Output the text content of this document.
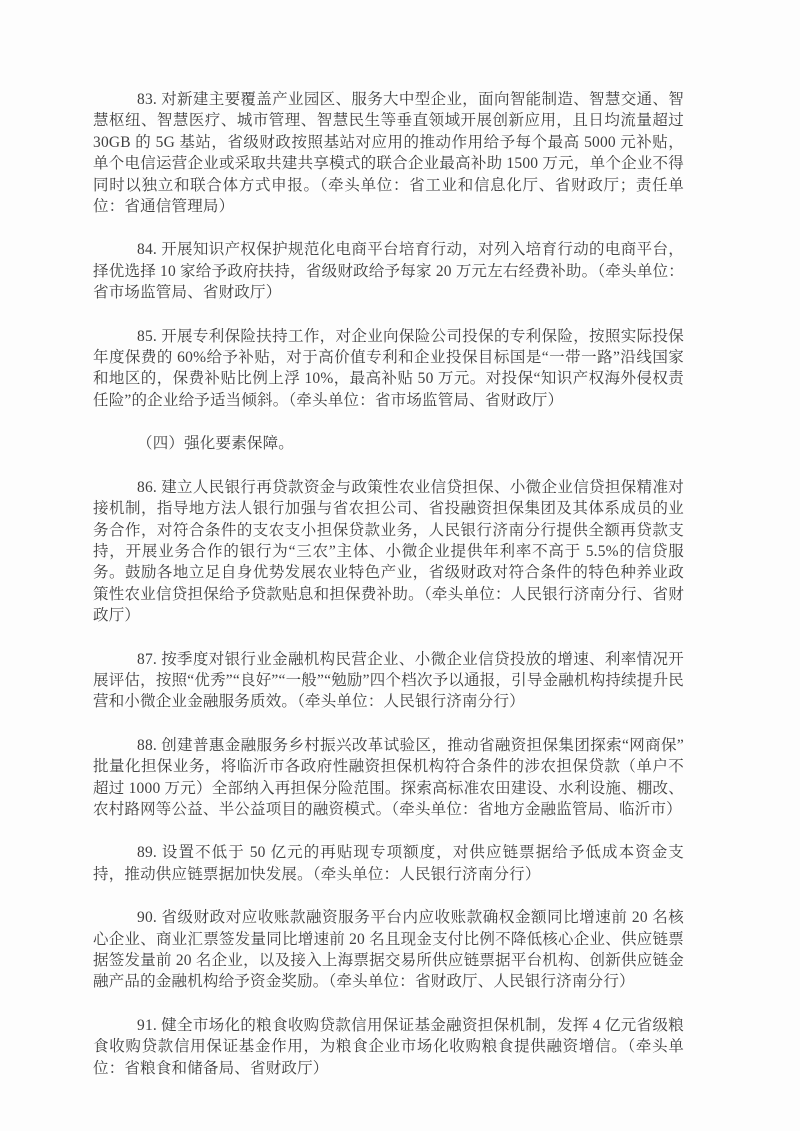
83. 对新建主要覆盖产业园区、服务大中型企业，面向智能制造、智慧交通、智慧枢纽、智慧医疗、城市管理、智慧民生等垂直领域开展创新应用，且日均流量超过 30GB 的 5G 基站，省级财政按照基站对应用的推动作用给予每个最高 5000 元补贴，单个电信运营企业或采取共建共享模式的联合企业最高补助 1500 万元，单个企业不得同时以独立和联合体方式申报。（牵头单位：省工业和信息化厅、省财政厅；责任单位：省通信管理局）

84. 开展知识产权保护规范化电商平台培育行动，对列入培育行动的电商平台，择优选择 10 家给予政府扶持，省级财政给予每家 20 万元左右经费补助。（牵头单位：省市场监管局、省财政厅）

85. 开展专利保险扶持工作，对企业向保险公司投保的专利保险，按照实际投保年度保费的 60%给予补贴，对于高价值专利和企业投保目标国是“一带一路”沿线国家和地区的，保费补贴比例上浮 10%，最高补贴 50 万元。对投保“知识产权海外侵权责任险”的企业给予适当倾斜。（牵头单位：省市场监管局、省财政厅）

（四）强化要素保障。

86. 建立人民银行再贷款资金与政策性农业信贷担保、小微企业信贷担保精准对接机制，指导地方法人银行加强与省农担公司、省投融资担保集团及其体系成员的业务合作，对符合条件的支农支小担保贷款业务，人民银行济南分行提供全额再贷款支持，开展业务合作的银行为“三农”主体、小微企业提供年利率不高于 5.5%的信贷服务。鼓励各地立足自身优势发展农业特色产业，省级财政对符合条件的特色种养业政策性农业信贷担保给予贷款贴息和担保费补助。（牵头单位：人民银行济南分行、省财政厅）

87. 按季度对银行业金融机构民营企业、小微企业信贷投放的增速、利率情况开展评估，按照“优秀”“良好”“一般”“勉励”四个档次予以通报，引导金融机构持续提升民营和小微企业金融服务质效。（牵头单位：人民银行济南分行）

88. 创建普惠金融服务乡村振兴改革试验区，推动省融资担保集团探索“网商保”批量化担保业务，将临沂市各政府性融资担保机构符合条件的涉农担保贷款（单户不超过 1000 万元）全部纳入再担保分险范围。探索高标准农田建设、水利设施、棚改、农村路网等公益、半公益项目的融资模式。（牵头单位：省地方金融监管局、临沂市）

89. 设置不低于 50 亿元的再贴现专项额度，对供应链票据给予低成本资金支持，推动供应链票据加快发展。（牵头单位：人民银行济南分行）

90. 省级财政对应收账款融资服务平台内应收账款确权金额同比增速前 20 名核心企业、商业汇票签发量同比增速前 20 名且现金支付比例不降低核心企业、供应链票据签发量前 20 名企业，以及接入上海票据交易所供应链票据平台机构、创新供应链金融产品的金融机构给予资金奖励。（牵头单位：省财政厅、人民银行济南分行）

91. 健全市场化的粮食收购贷款信用保证基金融资担保机制，发挥 4 亿元省级粮食收购贷款信用保证基金作用，为粮食企业市场化收购粮食提供融资增信。（牵头单位：省粮食和储备局、省财政厅）
